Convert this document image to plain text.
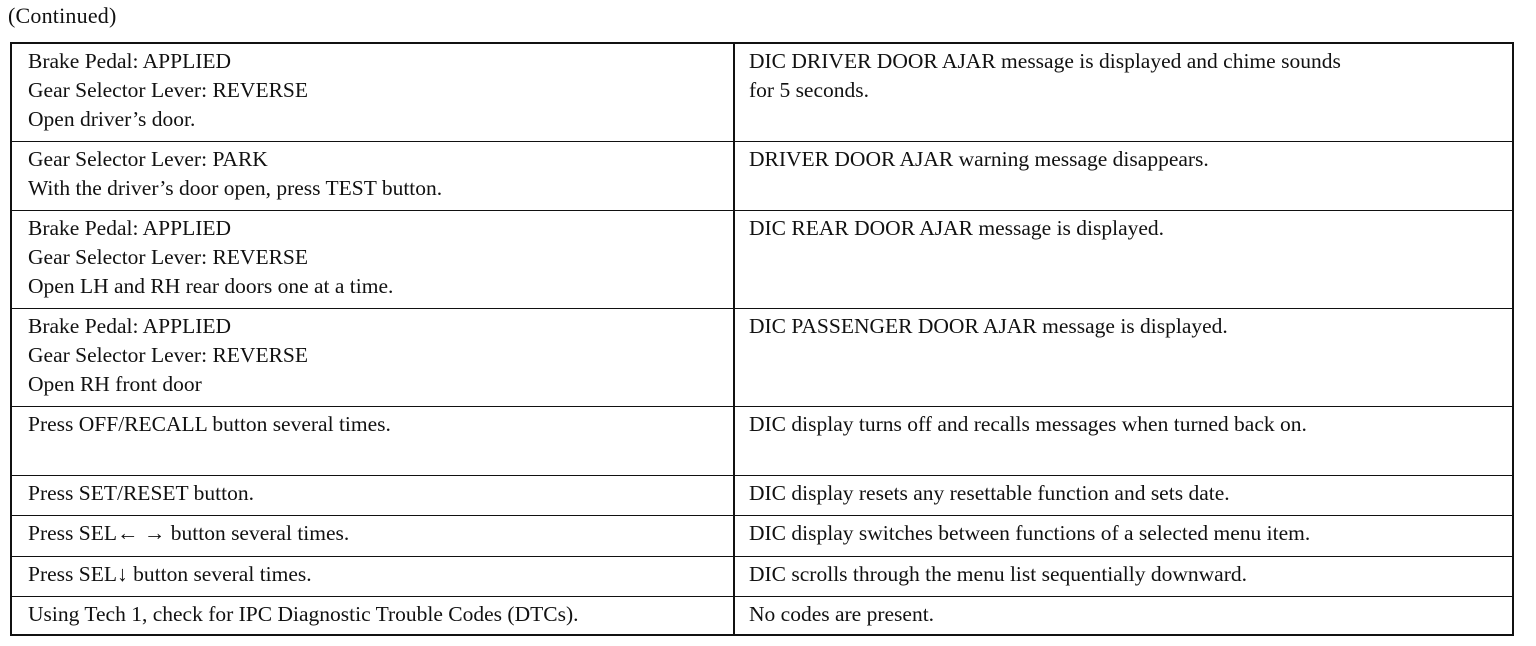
(Continued)
Brake Pedal: APPLIED
Gear Selector Lever: REVERSE
Open driver’s door.	DIC DRIVER DOOR AJAR message is displayed and chime sounds
for 5 seconds.

Gear Selector Lever: PARK
With the driver’s door open, press TEST button.	DRIVER DOOR AJAR warning message disappears.

Brake Pedal: APPLIED
Gear Selector Lever: REVERSE
Open LH and RH rear doors one at a time.	DIC REAR DOOR AJAR message is displayed.

Brake Pedal: APPLIED
Gear Selector Lever: REVERSE
Open RH front door	DIC PASSENGER DOOR AJAR message is displayed.

Press OFF/RECALL button several times.	DIC display turns off and recalls messages when turned back on.

Press SET/RESET button.	DIC display resets any resettable function and sets date.

Press SEL← → button several times.	DIC display switches between functions of a selected menu item.

Press SEL↓ button several times.	DIC scrolls through the menu list sequentially downward.

Using Tech 1, check for IPC Diagnostic Trouble Codes (DTCs).	No codes are present.
